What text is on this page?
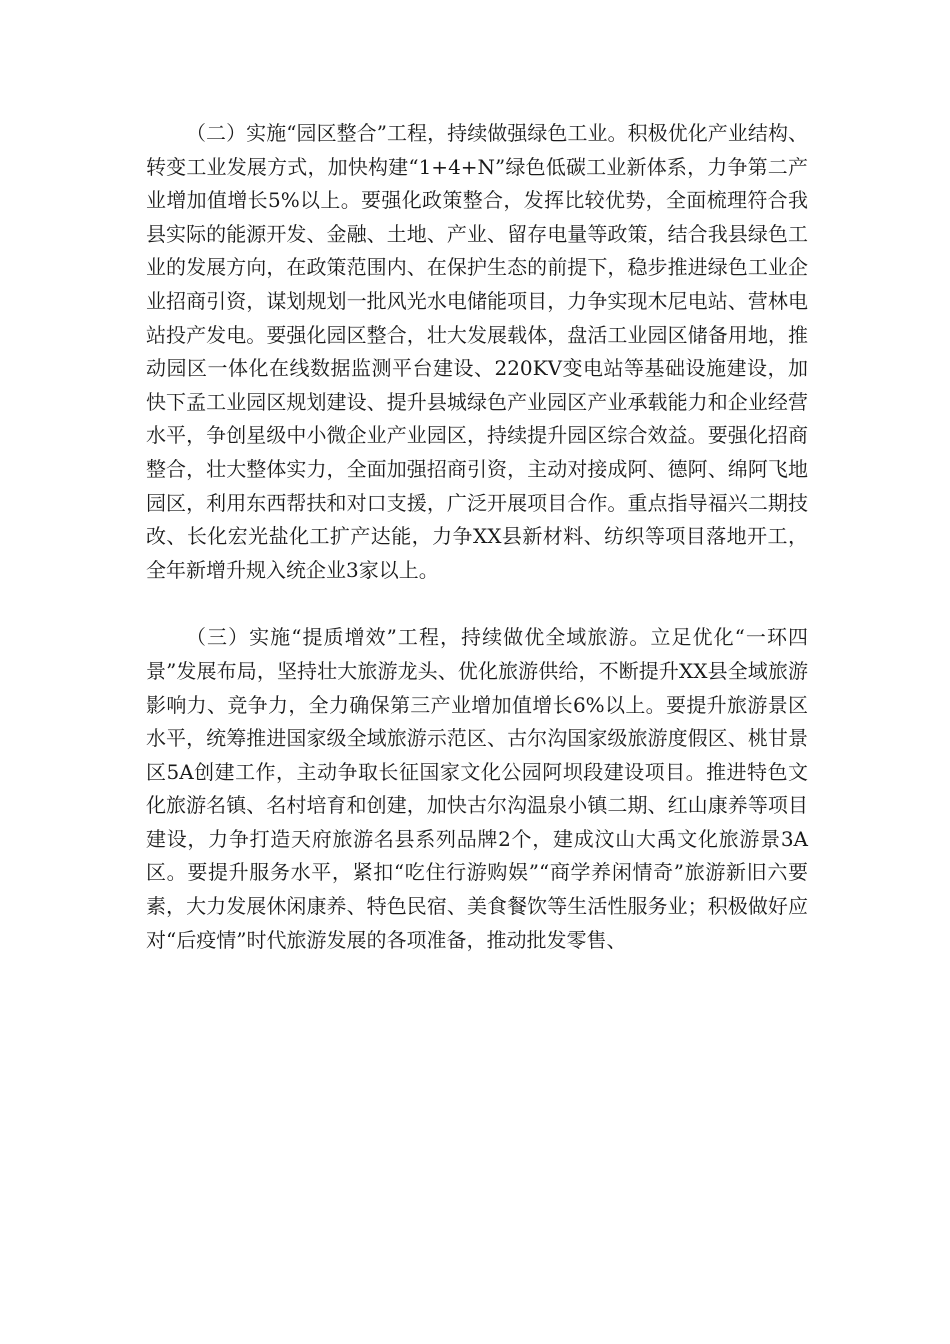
（二）实施“园区整合”工程，持续做强绿色工业。积极优化产业结构、转变工业发展方式，加快构建“1+4+N”绿色低碳工业新体系，力争第二产业增加值增长5%以上。要强化政策整合，发挥比较优势，全面梳理符合我县实际的能源开发、金融、土地、产业、留存电量等政策，结合我县绿色工业的发展方向，在政策范围内、在保护生态的前提下，稳步推进绿色工业企业招商引资，谋划规划一批风光水电储能项目，力争实现木尼电站、营林电站投产发电。要强化园区整合，壮大发展载体，盘活工业园区储备用地，推动园区一体化在线数据监测平台建设、220KV变电站等基础设施建设，加快下孟工业园区规划建设、提升县城绿色产业园区产业承载能力和企业经营水平，争创星级中小微企业产业园区，持续提升园区综合效益。要强化招商整合，壮大整体实力，全面加强招商引资，主动对接成阿、德阿、绵阿飞地园区，利用东西帮扶和对口支援，广泛开展项目合作。重点指导福兴二期技改、长化宏光盐化工扩产达能，力争XX县新材料、纺织等项目落地开工，全年新增升规入统企业3家以上。

（三）实施“提质增效”工程，持续做优全域旅游。立足优化“一环四景”发展布局，坚持壮大旅游龙头、优化旅游供给，不断提升XX县全域旅游影响力、竞争力，全力确保第三产业增加值增长6%以上。要提升旅游景区水平，统筹推进国家级全域旅游示范区、古尔沟国家级旅游度假区、桃甘景区5A创建工作，主动争取长征国家文化公园阿坝段建设项目。推进特色文化旅游名镇、名村培育和创建，加快古尔沟温泉小镇二期、红山康养等项目建设，力争打造天府旅游名县系列品牌2个，建成汶山大禹文化旅游景3A区。要提升服务水平，紧扣“吃住行游购娱”“商学养闲情奇”旅游新旧六要素，大力发展休闲康养、特色民宿、美食餐饮等生活性服务业；积极做好应对“后疫情”时代旅游发展的各项准备，推动批发零售、
